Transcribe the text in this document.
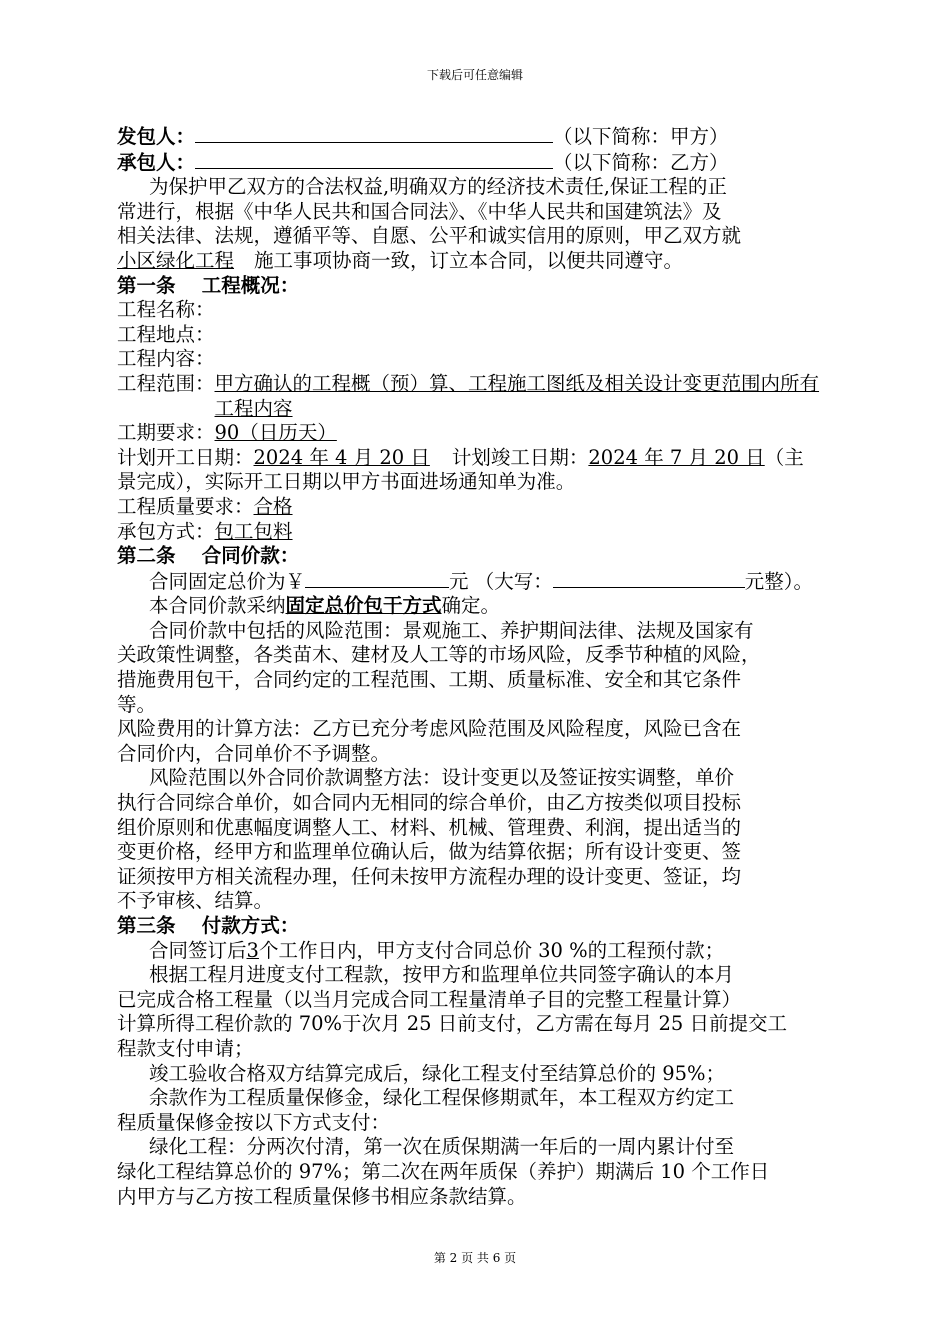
下载后可任意编辑

发包人：	（以下简称：甲方）

承包人：	（以下简称：乙方）

为保护甲乙双方的合法权益,明确双方的经济技术责任,保证工程的正

常进行，根据《中华人民共和国合同法》、《中华人民共和国建筑法》及

相关法律、法规，遵循平等、自愿、公平和诚实信用的原则，甲乙双方就

小区绿化工程 施工事项协商一致，订立本合同，以便共同遵守。

第一条　 工程概况：

工程名称：

工程地点：

工程内容：

工程范围： 甲方确认的工程概（预）算、工程施工图纸及相关设计变更范围内所有工程内容

工期要求：90（日历天）

计划开工日期：2024 年 4 月 20 日 计划竣工日期：2024 年 7 月 20 日（主

景完成），实际开工日期以甲方书面进场通知单为准。

工程质量要求：合格

承包方式：包工包料

第二条　 合同价款：

合同固定总价为￥	元 （大写：	元整）。

本合同价款采纳固定总价包干方式确定。

合同价款中包括的风险范围：景观施工、养护期间法律、法规及国家有

关政策性调整，各类苗木、建材及人工等的市场风险，反季节种植的风险，

措施费用包干，合同约定的工程范围、工期、质量标准、安全和其它条件

等。

风险费用的计算方法：乙方已充分考虑风险范围及风险程度，风险已含在

合同价内，合同单价不予调整。

风险范围以外合同价款调整方法：设计变更以及签证按实调整，单价

执行合同综合单价，如合同内无相同的综合单价，由乙方按类似项目投标

组价原则和优惠幅度调整人工、材料、机械、管理费、利润，提出适当的

变更价格，经甲方和监理单位确认后，做为结算依据；所有设计变更、签

证须按甲方相关流程办理，任何未按甲方流程办理的设计变更、签证，均

不予审核、结算。

第三条　 付款方式：

合同签订后3个工作日内，甲方支付合同总价 30 %的工程预付款；

根据工程月进度支付工程款，按甲方和监理单位共同签字确认的本月

已完成合格工程量（以当月完成合同工程量清单子目的完整工程量计算）

计算所得工程价款的 70%于次月 25 日前支付，乙方需在每月 25 日前提交工

程款支付申请；

竣工验收合格双方结算完成后，绿化工程支付至结算总价的 95%；

余款作为工程质量保修金，绿化工程保修期贰年，本工程双方约定工

程质量保修金按以下方式支付：

绿化工程：分两次付清，第一次在质保期满一年后的一周内累计付至

绿化工程结算总价的 97%；第二次在两年质保（养护）期满后 10 个工作日

内甲方与乙方按工程质量保修书相应条款结算。

第 2 页 共 6 页
